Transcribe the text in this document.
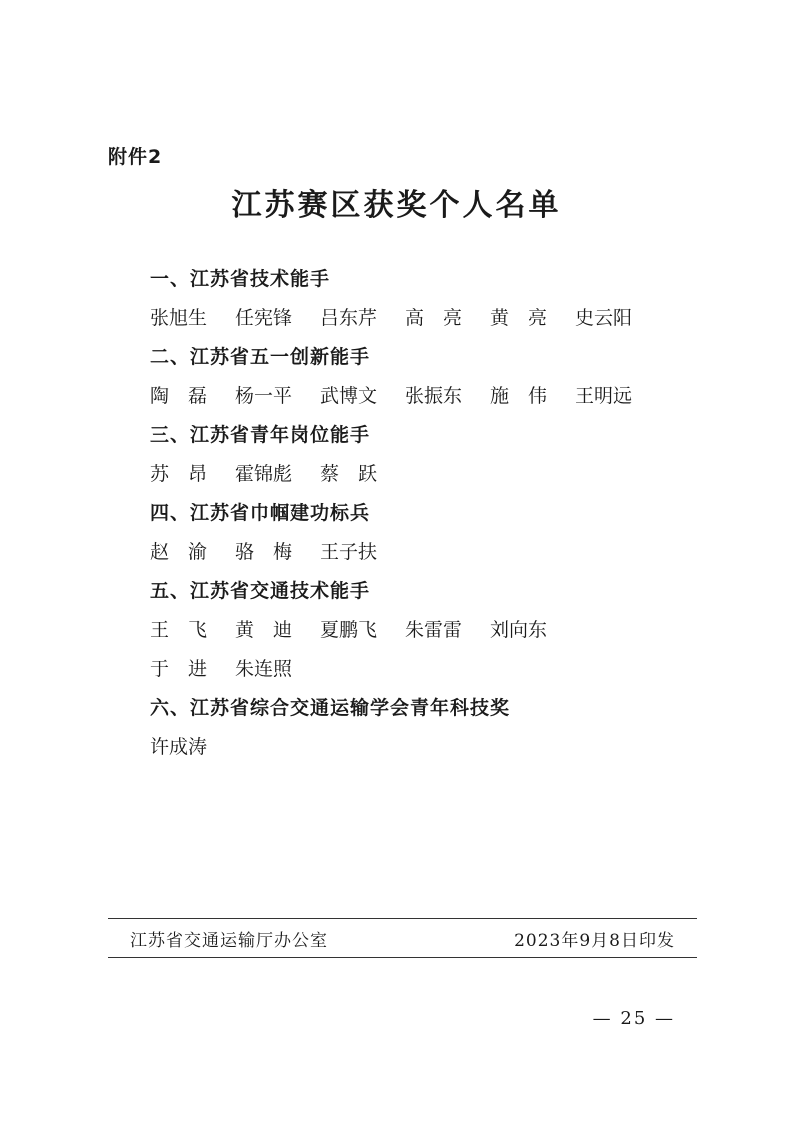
附件2
江苏赛区获奖个人名单
一、江苏省技术能手
张旭生	任宪锋	吕东芹	高　亮	黄　亮	史云阳
二、江苏省五一创新能手
陶　磊	杨一平	武博文	张振东	施　伟	王明远
三、江苏省青年岗位能手
苏　昂	霍锦彪	蔡　跃
四、江苏省巾帼建功标兵
赵　渝	骆　梅	王子扶
五、江苏省交通技术能手
王　飞	黄　迪	夏鹏飞	朱雷雷	刘向东
于　进	朱连照
六、江苏省综合交通运输学会青年科技奖
许成涛
江苏省交通运输厅办公室	2023年9月8日印发
— 25 —
